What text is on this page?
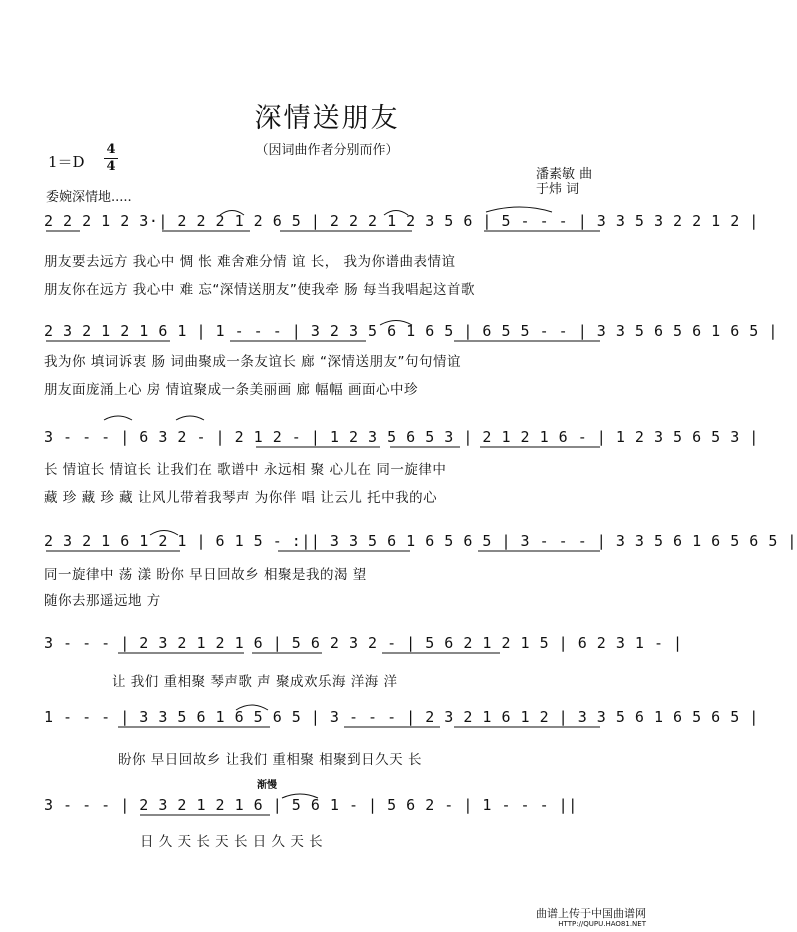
深情送朋友
（因词曲作者分别而作）
1＝D
4
4
潘素敏 曲
于炜 词
委婉深情地.....
2 2 2 1 2 3·| 2 2 2 1 2 6 5 | 2 2 2 1 2 3 5 6 | 5 - - - | 3 3 5 3 2 2 1 2 |
朋友要去远方 我心中 惆 怅 难舍难分情 谊 长， 我为你谱曲表情谊
朋友你在远方 我心中 难 忘“深情送朋友”使我牵 肠 每当我唱起这首歌
2 3 2 1 2 1 6 1 | 1 - - - | 3 2 3 5 6 1 6 5 | 6 5 5 - - | 3 3 5 6 5 6 1 6 5 |
我为你 填词诉衷 肠 词曲聚成一条友谊长 廊 “深情送朋友”句句情谊
朋友面庞涌上心 房 情谊聚成一条美丽画 廊 幅幅 画面心中珍
3 - - - | 6 3 2 - | 2 1 2 - | 1 2 3 5 6 5 3 | 2 1 2 1 6 - | 1 2 3 5 6 5 3 |
长 情谊长 情谊长 让我们在 歌谱中 永远相 聚 心儿在 同一旋律中
藏 珍 藏 珍 藏 让风儿带着我琴声 为你伴 唱 让云儿 托中我的心
2 3 2 1 6 1 2 1 | 6 1 5 - :|| 3 3 5 6 1 6 5 6 5 | 3 - - - | 3 3 5 6 1 6 5 6 5 |
同一旋律中 荡 漾 盼你 早日回故乡 相聚是我的渴 望
随你去那遥远地 方
3 - - - | 2 3 2 1 2 1 6 | 5 6 2 3 2 - | 5 6 2 1 2 1 5 | 6 2 3 1 - |
让 我们 重相聚 琴声歌 声 聚成欢乐海 洋海 洋
1 - - - | 3 3 5 6 1 6 5 6 5 | 3 - - - | 2 3 2 1 6 1 2 | 3 3 5 6 1 6 5 6 5 |
盼你 早日回故乡 让我们 重相聚 相聚到日久天 长
渐慢
3 - - - | 2 3 2 1 2 1 6 | 5 6 1 - | 5 6 2 - | 1 - - - ||
日 久 天 长 天 长 日 久 天 长
曲谱上传于中国曲谱网
HTTP://QUPU.HAO81.NET
